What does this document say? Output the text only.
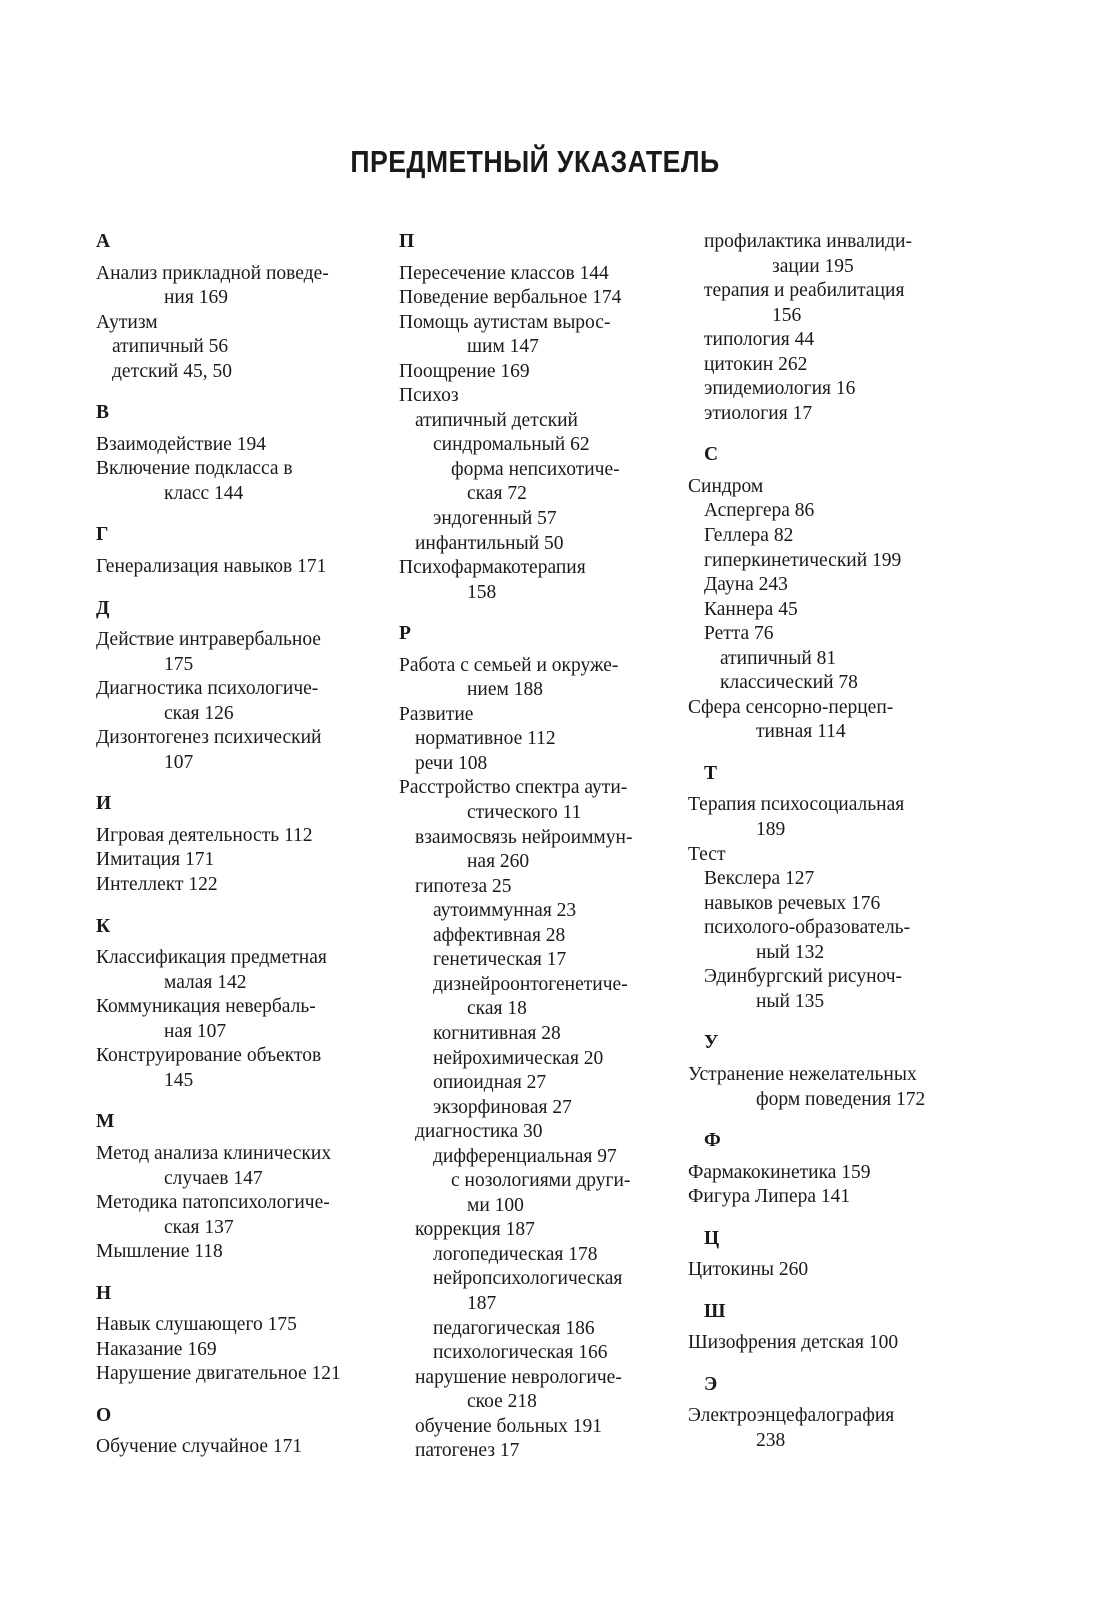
ПРЕДМЕТНЫЙ УКАЗАТЕЛЬ
А
Анализ прикладной поведе-
ния 169
Аутизм
атипичный 56
детский 45, 50
В
Взаимодействие 194
Включение подкласса в
класс 144
Г
Генерализация навыков 171
Д
Действие интравербальное
175
Диагностика психологиче-
ская 126
Дизонтогенез психический
107
И
Игровая деятельность 112
Имитация 171
Интеллект 122
К
Классификация предметная
малая 142
Коммуникация невербаль-
ная 107
Конструирование объектов
145
М
Метод анализа клинических
случаев 147
Методика патопсихологиче-
ская 137
Мышление 118
Н
Навык слушающего 175
Наказание 169
Нарушение двигательное 121
О
Обучение случайное 171
П
Пересечение классов 144
Поведение вербальное 174
Помощь аутистам вырос-
шим 147
Поощрение 169
Психоз
атипичный детский
синдромальный 62
форма непсихотиче-
ская 72
эндогенный 57
инфантильный 50
Психофармакотерапия
158
Р
Работа с семьей и окруже-
нием 188
Развитие
нормативное 112
речи 108
Расстройство спектра аути-
стического 11
взаимосвязь нейроиммун-
ная 260
гипотеза 25
аутоиммунная 23
аффективная 28
генетическая 17
дизнейроонтогенетиче-
ская 18
когнитивная 28
нейрохимическая 20
опиоидная 27
экзорфиновая 27
диагностика 30
дифференциальная 97
с нозологиями други-
ми 100
коррекция 187
логопедическая 178
нейропсихологическая
187
педагогическая 186
психологическая 166
нарушение неврологиче-
ское 218
обучение больных 191
патогенез 17
профилактика инвалиди-
зации 195
терапия и реабилитация
156
типология 44
цитокин 262
эпидемиология 16
этиология 17
С
Синдром
Аспергера 86
Геллера 82
гиперкинетический 199
Дауна 243
Каннера 45
Ретта 76
атипичный 81
классический 78
Сфера сенсорно-перцеп-
тивная 114
Т
Терапия психосоциальная
189
Тест
Векслера 127
навыков речевых 176
психолого-образователь-
ный 132
Эдинбургский рисуноч-
ный 135
У
Устранение нежелательных
форм поведения 172
Ф
Фармакокинетика 159
Фигура Липера 141
Ц
Цитокины 260
Ш
Шизофрения детская 100
Э
Электроэнцефалография
238
